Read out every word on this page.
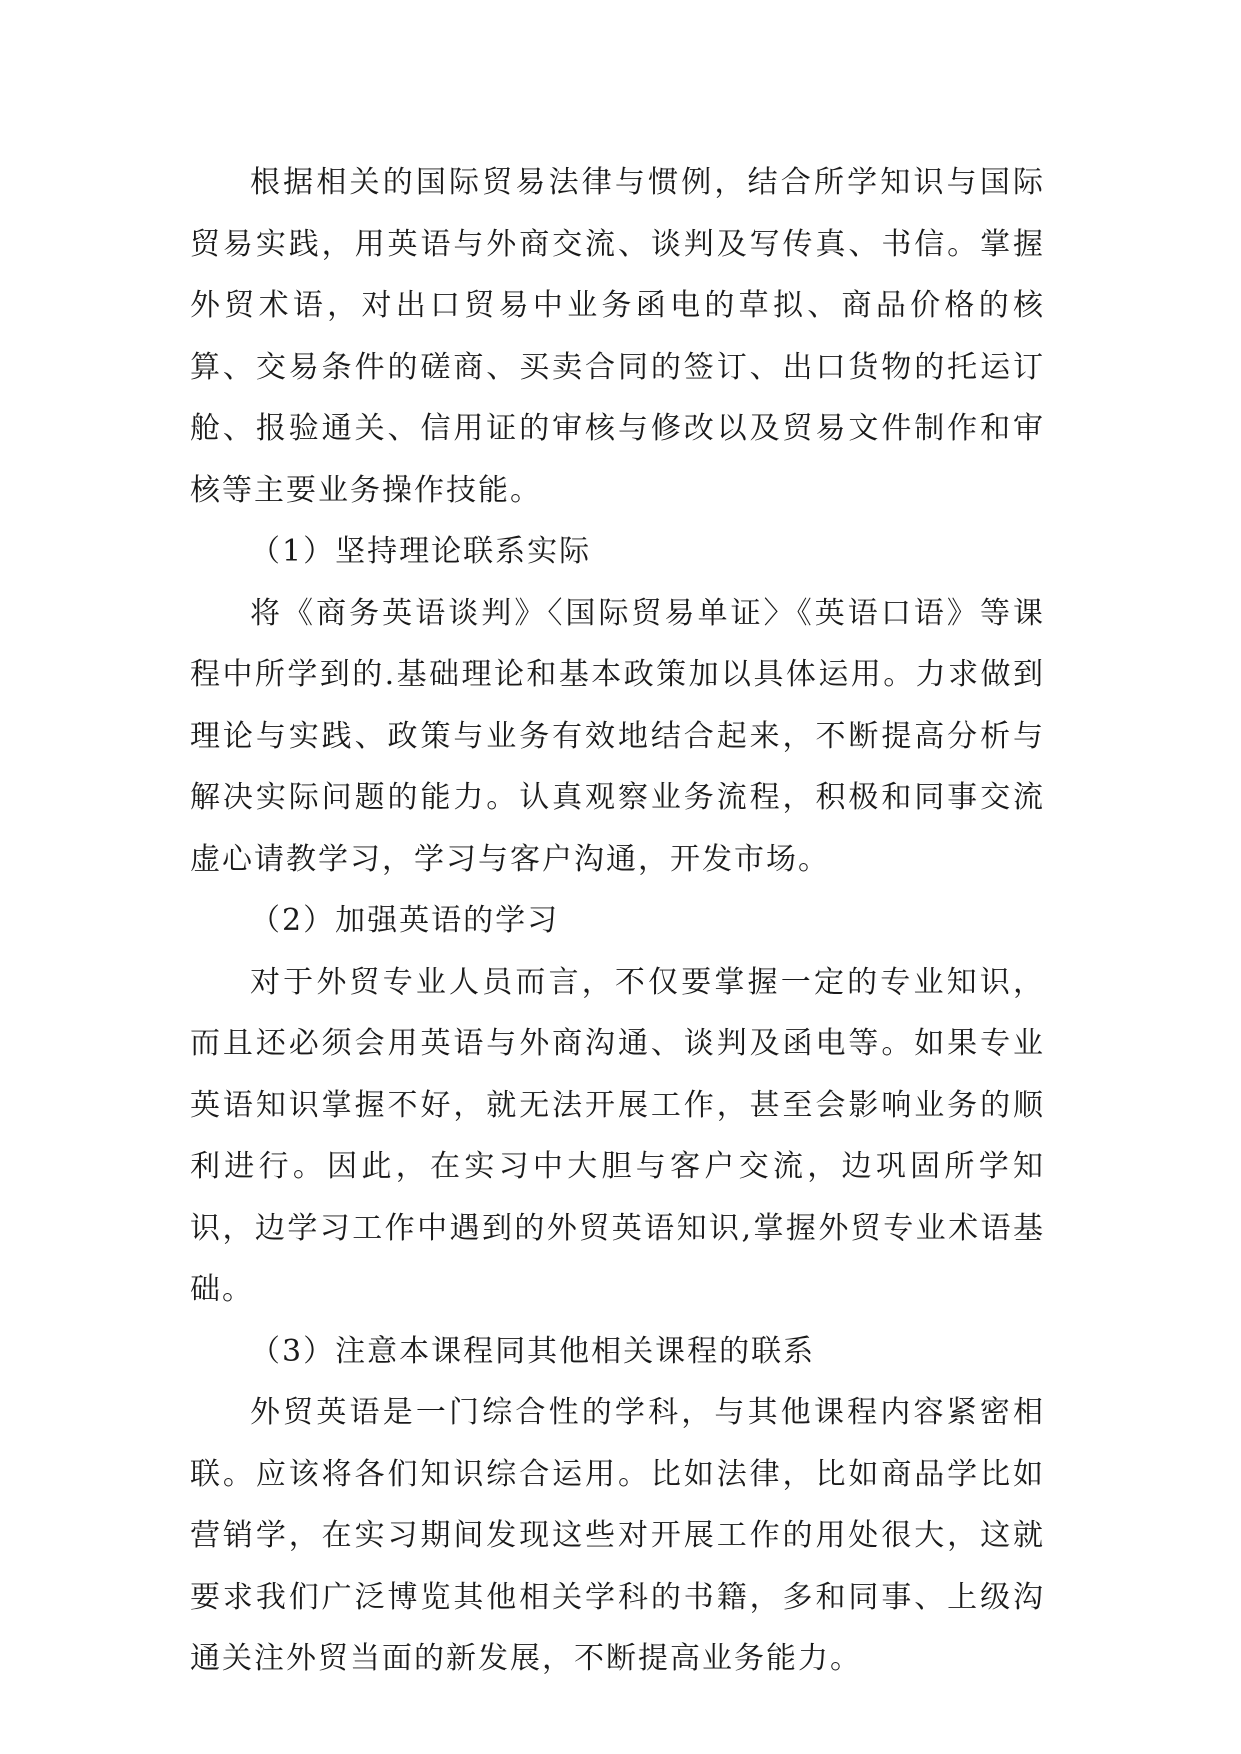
根据相关的国际贸易法律与惯例，结合所学知识与国际贸易实践，用英语与外商交流、谈判及写传真、书信。掌握外贸术语，对出口贸易中业务函电的草拟、商品价格的核算、交易条件的磋商、买卖合同的签订、出口货物的托运订舱、报验通关、信用证的审核与修改以及贸易文件制作和审核等主要业务操作技能。

（1）坚持理论联系实际

将《商务英语谈判》〈国际贸易单证〉《英语口语》等课程中所学到的.基础理论和基本政策加以具体运用。力求做到理论与实践、政策与业务有效地结合起来，不断提高分析与解决实际问题的能力。认真观察业务流程，积极和同事交流虚心请教学习，学习与客户沟通，开发市场。

（2）加强英语的学习

对于外贸专业人员而言，不仅要掌握一定的专业知识，而且还必须会用英语与外商沟通、谈判及函电等。如果专业英语知识掌握不好，就无法开展工作，甚至会影响业务的顺利进行。因此，在实习中大胆与客户交流，边巩固所学知识，边学习工作中遇到的外贸英语知识,掌握外贸专业术语基础。

（3）注意本课程同其他相关课程的联系

外贸英语是一门综合性的学科，与其他课程内容紧密相联。应该将各们知识综合运用。比如法律，比如商品学比如营销学，在实习期间发现这些对开展工作的用处很大，这就要求我们广泛博览其他相关学科的书籍，多和同事、上级沟通关注外贸当面的新发展，不断提高业务能力。
